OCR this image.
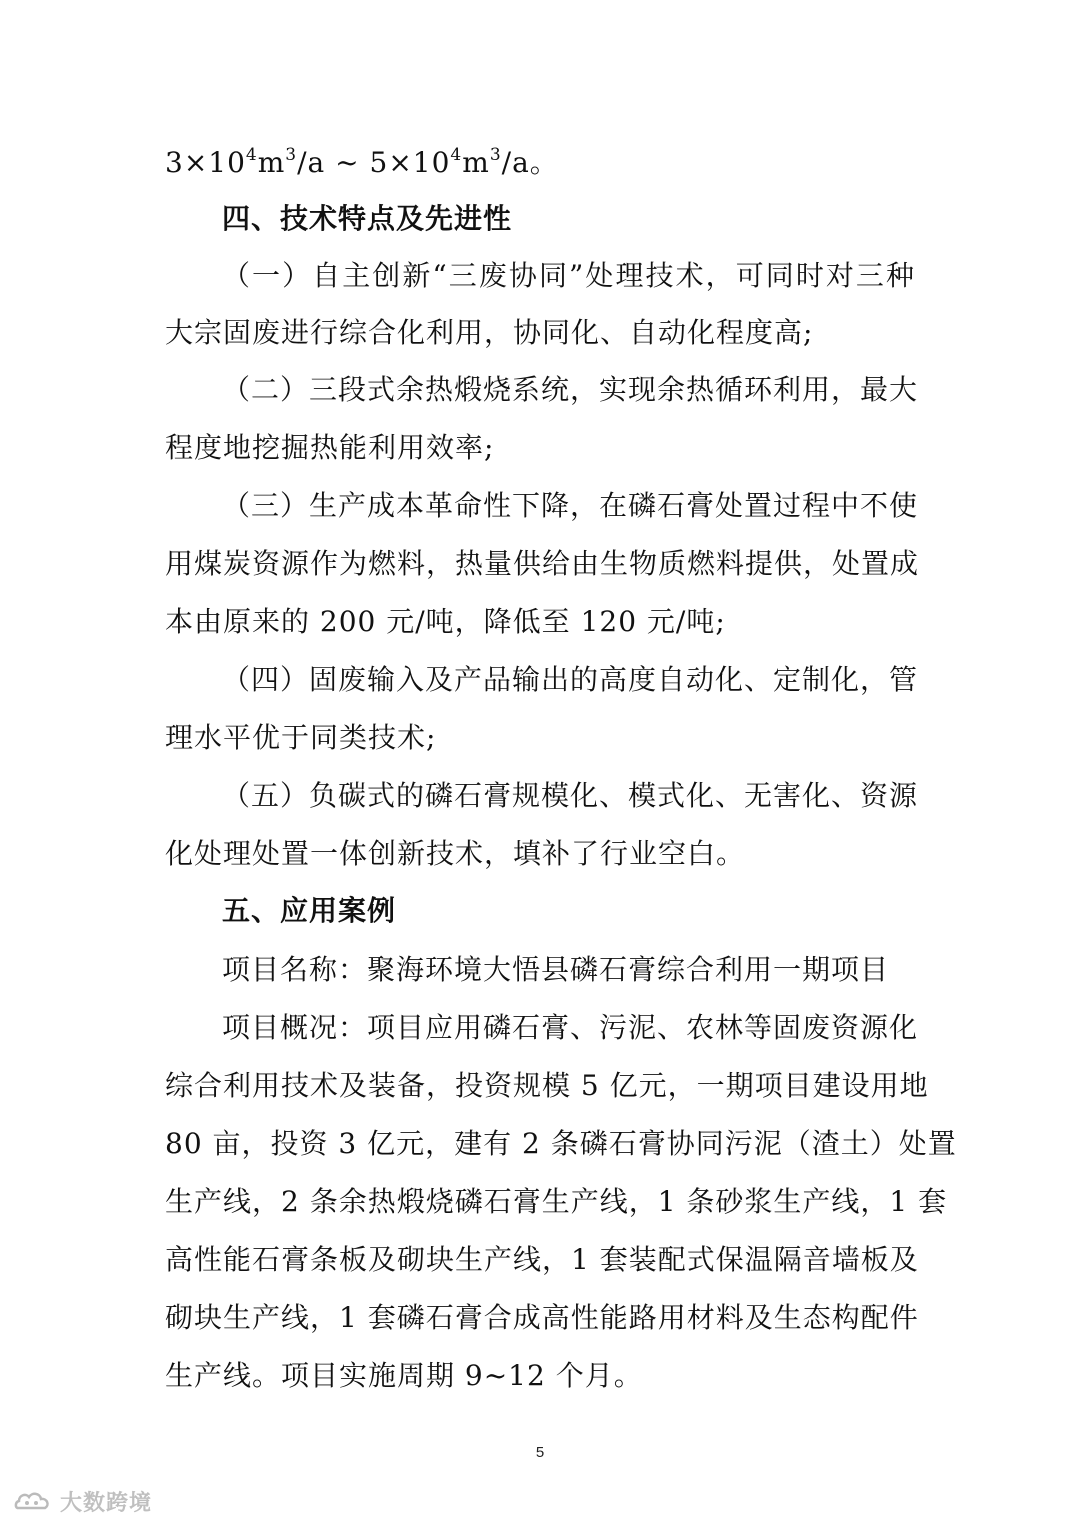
$3\times 10^4m^3/a$ ~ $5\times 10^4m^3/a$。
四、技术特点及先进性
（一）自主创新“三废协同”处理技术，可同时对三种
大宗固废进行综合化利用，协同化、自动化程度高;
（二）三段式余热煅烧系统，实现余热循环利用，最大
程度地挖掘热能利用效率;
（三）生产成本革命性下降，在磷石膏处置过程中不使
用煤炭资源作为燃料，热量供给由生物质燃料提供，处置成
本由原来的 200 元/吨，降低至 120 元/吨;
（四）固废输入及产品输出的高度自动化、定制化，管
理水平优于同类技术;
（五）负碳式的磷石膏规模化、模式化、无害化、资源
化处理处置一体创新技术，填补了行业空白。
五、应用案例
项目名称：聚海环境大悟县磷石膏综合利用一期项目
项目概况：项目应用磷石膏、污泥、农林等固废资源化
综合利用技术及装备，投资规模 5 亿元，一期项目建设用地
80 亩，投资 3 亿元，建有 2 条磷石膏协同污泥（渣土）处置
生产线，2 条余热煅烧磷石膏生产线，1 条砂浆生产线，1 套
高性能石膏条板及砌块生产线，1 套装配式保温隔音墙板及
砌块生产线，1 套磷石膏合成高性能路用材料及生态构配件
生产线。项目实施周期 9~12 个月。
5
大数跨境
